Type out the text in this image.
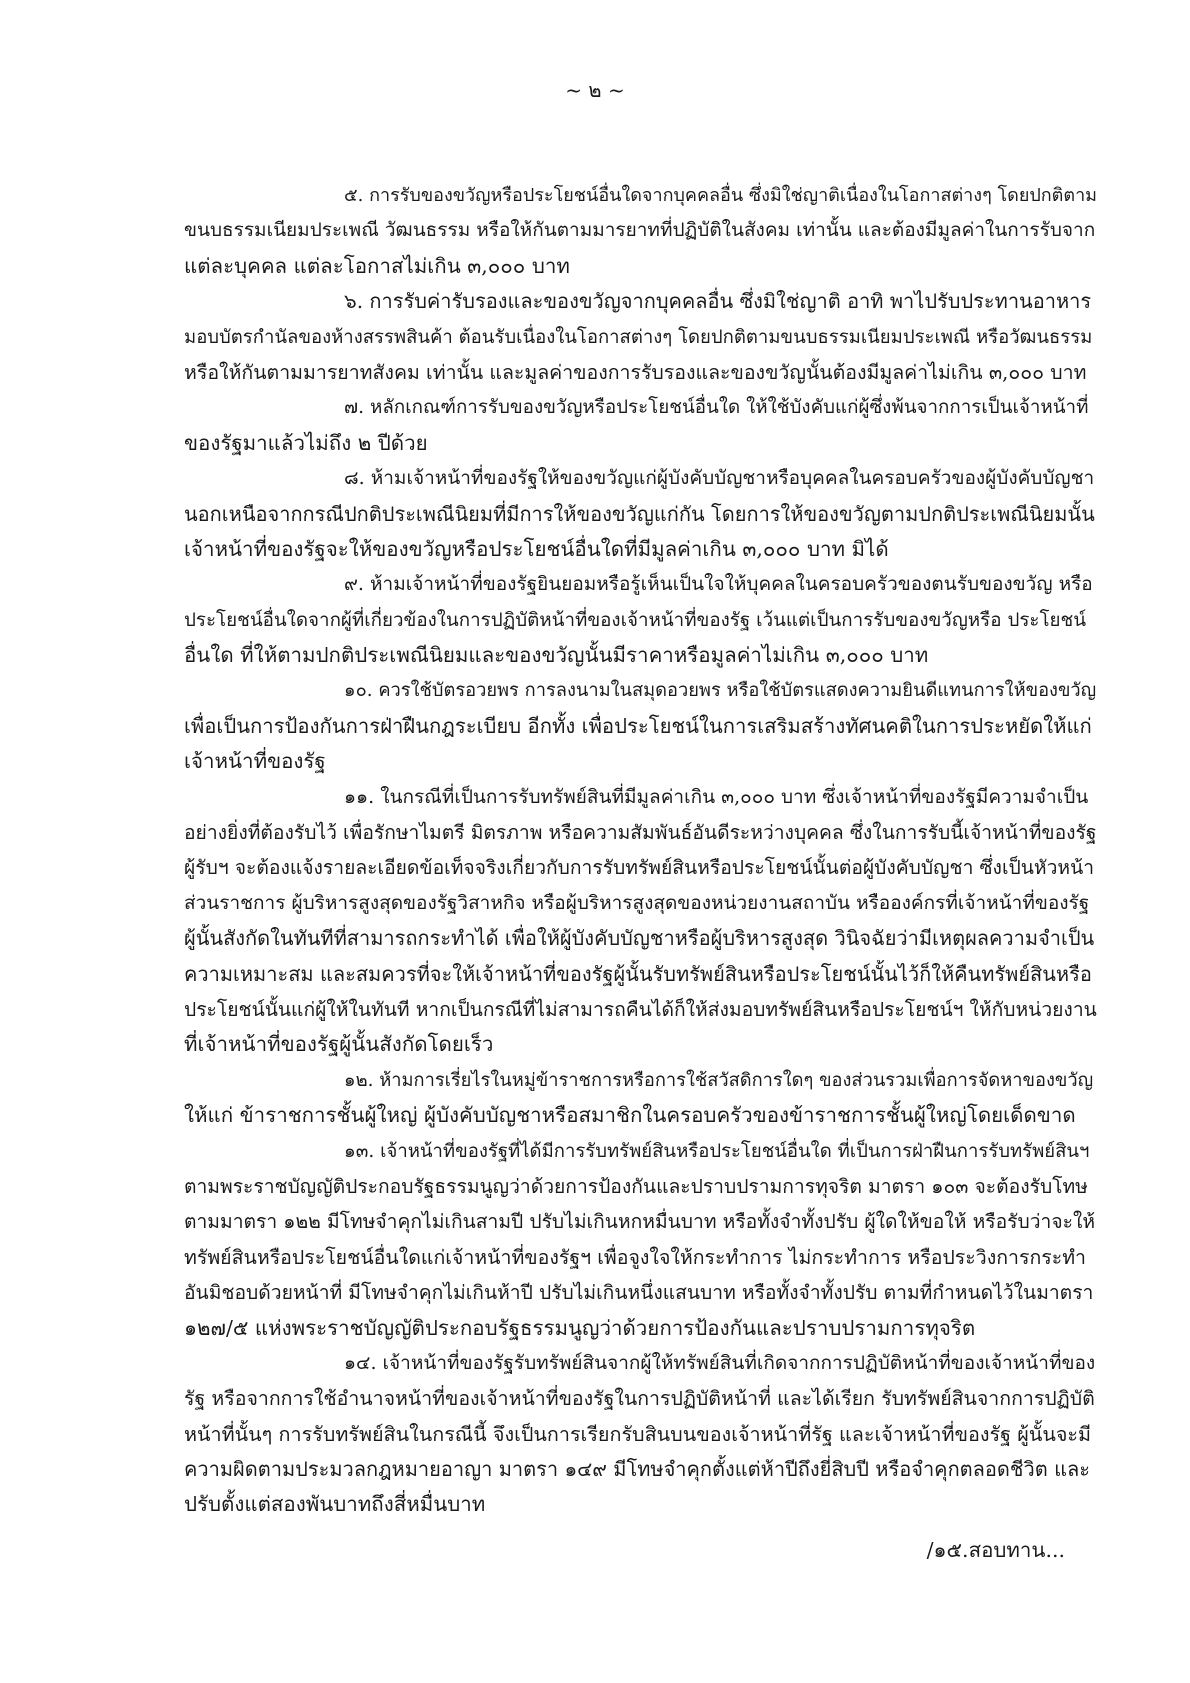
~ ๒ ~
๕. การรับของขวัญหรือประโยชน์อื่นใดจากบุคคลอื่น ซึ่งมิใช่ญาติเนื่องในโอกาสต่างๆ โดยปกติตาม
ขนบธรรมเนียมประเพณี วัฒนธรรม หรือให้กันตามมารยาทที่ปฏิบัติในสังคม เท่านั้น และต้องมีมูลค่าในการรับจาก
แต่ละบุคคล แต่ละโอกาสไม่เกิน ๓,๐๐๐ บาท
๖. การรับค่ารับรองและของขวัญจากบุคคลอื่น ซึ่งมิใช่ญาติ อาทิ พาไปรับประทานอาหาร
มอบบัตรกำนัลของห้างสรรพสินค้า ต้อนรับเนื่องในโอกาสต่างๆ โดยปกติตามขนบธรรมเนียมประเพณี หรือวัฒนธรรม
หรือให้กันตามมารยาทสังคม เท่านั้น และมูลค่าของการรับรองและของขวัญนั้นต้องมีมูลค่าไม่เกิน ๓,๐๐๐ บาท
๗. หลักเกณฑ์การรับของขวัญหรือประโยชน์อื่นใด ให้ใช้บังคับแก่ผู้ซึ่งพ้นจากการเป็นเจ้าหน้าที่
ของรัฐมาแล้วไม่ถึง ๒ ปีด้วย
๘. ห้ามเจ้าหน้าที่ของรัฐให้ของขวัญแก่ผู้บังคับบัญชาหรือบุคคลในครอบครัวของผู้บังคับบัญชา
นอกเหนือจากกรณีปกติประเพณีนิยมที่มีการให้ของขวัญแก่กัน โดยการให้ของขวัญตามปกติประเพณีนิยมนั้น
เจ้าหน้าที่ของรัฐจะให้ของขวัญหรือประโยชน์อื่นใดที่มีมูลค่าเกิน ๓,๐๐๐ บาท มิได้
๙. ห้ามเจ้าหน้าที่ของรัฐยินยอมหรือรู้เห็นเป็นใจให้บุคคลในครอบครัวของตนรับของขวัญ หรือ
ประโยชน์อื่นใดจากผู้ที่เกี่ยวข้องในการปฏิบัติหน้าที่ของเจ้าหน้าที่ของรัฐ เว้นแต่เป็นการรับของขวัญหรือ ประโยชน์
อื่นใด ที่ให้ตามปกติประเพณีนิยมและของขวัญนั้นมีราคาหรือมูลค่าไม่เกิน ๓,๐๐๐ บาท
๑๐. ควรใช้บัตรอวยพร การลงนามในสมุดอวยพร หรือใช้บัตรแสดงความยินดีแทนการให้ของขวัญ
เพื่อเป็นการป้องกันการฝ่าฝืนกฎระเบียบ อีกทั้ง เพื่อประโยชน์ในการเสริมสร้างทัศนคติในการประหยัดให้แก่
เจ้าหน้าที่ของรัฐ
๑๑. ในกรณีที่เป็นการรับทรัพย์สินที่มีมูลค่าเกิน ๓,๐๐๐ บาท ซึ่งเจ้าหน้าที่ของรัฐมีความจำเป็น
อย่างยิ่งที่ต้องรับไว้ เพื่อรักษาไมตรี มิตรภาพ หรือความสัมพันธ์อันดีระหว่างบุคคล ซึ่งในการรับนี้เจ้าหน้าที่ของรัฐ
ผู้รับฯ จะต้องแจ้งรายละเอียดข้อเท็จจริงเกี่ยวกับการรับทรัพย์สินหรือประโยชน์นั้นต่อผู้บังคับบัญชา ซึ่งเป็นหัวหน้า
ส่วนราชการ ผู้บริหารสูงสุดของรัฐวิสาหกิจ หรือผู้บริหารสูงสุดของหน่วยงานสถาบัน หรือองค์กรที่เจ้าหน้าที่ของรัฐ
ผู้นั้นสังกัดในทันทีที่สามารถกระทำได้ เพื่อให้ผู้บังคับบัญชาหรือผู้บริหารสูงสุด วินิจฉัยว่ามีเหตุผลความจำเป็น
ความเหมาะสม และสมควรที่จะให้เจ้าหน้าที่ของรัฐผู้นั้นรับทรัพย์สินหรือประโยชน์นั้นไว้ก็ให้คืนทรัพย์สินหรือ
ประโยชน์นั้นแก่ผู้ให้ในทันที หากเป็นกรณีที่ไม่สามารถคืนได้ก็ให้ส่งมอบทรัพย์สินหรือประโยชน์ฯ ให้กับหน่วยงาน
ที่เจ้าหน้าที่ของรัฐผู้นั้นสังกัดโดยเร็ว
๑๒. ห้ามการเรี่ยไรในหมู่ข้าราชการหรือการใช้สวัสดิการใดๆ ของส่วนรวมเพื่อการจัดหาของขวัญ
ให้แก่ ข้าราชการชั้นผู้ใหญ่ ผู้บังคับบัญชาหรือสมาชิกในครอบครัวของข้าราชการชั้นผู้ใหญ่โดยเด็ดขาด
๑๓. เจ้าหน้าที่ของรัฐที่ได้มีการรับทรัพย์สินหรือประโยชน์อื่นใด ที่เป็นการฝ่าฝืนการรับทรัพย์สินฯ
ตามพระราชบัญญัติประกอบรัฐธรรมนูญว่าด้วยการป้องกันและปราบปรามการทุจริต มาตรา ๑๐๓ จะต้องรับโทษ
ตามมาตรา ๑๒๒ มีโทษจำคุกไม่เกินสามปี ปรับไม่เกินหกหมื่นบาท หรือทั้งจำทั้งปรับ ผู้ใดให้ขอให้ หรือรับว่าจะให้
ทรัพย์สินหรือประโยชน์อื่นใดแก่เจ้าหน้าที่ของรัฐฯ เพื่อจูงใจให้กระทำการ ไม่กระทำการ หรือประวิงการกระทำ
อันมิชอบด้วยหน้าที่ มีโทษจำคุกไม่เกินห้าปี ปรับไม่เกินหนึ่งแสนบาท หรือทั้งจำทั้งปรับ ตามที่กำหนดไว้ในมาตรา
๑๒๗/๕ แห่งพระราชบัญญัติประกอบรัฐธรรมนูญว่าด้วยการป้องกันและปราบปรามการทุจริต
๑๔. เจ้าหน้าที่ของรัฐรับทรัพย์สินจากผู้ให้ทรัพย์สินที่เกิดจากการปฏิบัติหน้าที่ของเจ้าหน้าที่ของ
รัฐ หรือจากการใช้อำนาจหน้าที่ของเจ้าหน้าที่ของรัฐในการปฏิบัติหน้าที่ และได้เรียก รับทรัพย์สินจากการปฏิบัติ
หน้าที่นั้นๆ การรับทรัพย์สินในกรณีนี้ จึงเป็นการเรียกรับสินบนของเจ้าหน้าที่รัฐ และเจ้าหน้าที่ของรัฐ ผู้นั้นจะมี
ความผิดตามประมวลกฎหมายอาญา มาตรา ๑๔๙ มีโทษจำคุกตั้งแต่ห้าปีถึงยี่สิบปี หรือจำคุกตลอดชีวิต และ
ปรับตั้งแต่สองพันบาทถึงสี่หมื่นบาท
/๑๕.สอบทาน...
